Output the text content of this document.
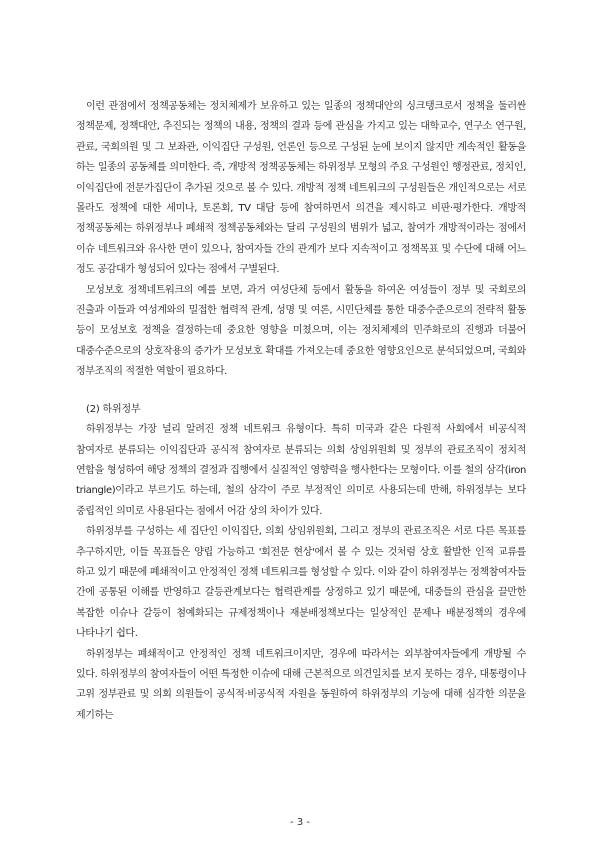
이런 관점에서 정책공동체는 정치체제가 보유하고 있는 일종의 정책대안의 싱크탱크로서 정책을 둘러싼 정책문제, 정책대안, 추진되는 정책의 내용, 정책의 결과 등에 관심을 가지고 있는 대학교수, 연구소 연구원, 관료, 국회의원 및 그 보좌관, 이익집단 구성원, 언론인 등으로 구성된 눈에 보이지 않지만 계속적인 활동을 하는 일종의 공동체를 의미한다. 즉, 개방적 정책공동체는 하위정부 모형의 주요 구성원인 행정관료, 정치인, 이익집단에 전문가집단이 추가된 것으로 볼 수 있다. 개방적 정책 네트워크의 구성원들은 개인적으로는 서로 몰라도 정책에 대한 세미나, 토론회, TV 대담 등에 참여하면서 의견을 제시하고 비판·평가한다. 개방적 정책공동체는 하위정부나 폐쇄적 정책공동체와는 달리 구성원의 범위가 넓고, 참여가 개방적이라는 점에서 이슈 네트워크와 유사한 면이 있으나, 참여자들 간의 관계가 보다 지속적이고 정책목표 및 수단에 대해 어느 정도 공감대가 형성되어 있다는 점에서 구별된다.

모성보호 정책네트워크의 예를 보면, 과거 여성단체 등에서 활동을 하여온 여성들이 정부 및 국회로의 진출과 이들과 여성계와의 밀접한 협력적 관계, 성명 및 여론, 시민단체를 통한 대중수준으로의 전략적 활동 등이 모성보호 정책을 결정하는데 중요한 영향을 미쳤으며, 이는 정치체제의 민주화로의 진행과 더불어 대중수준으로의 상호작용의 증가가 모성보호 확대를 가져오는데 중요한 영향요인으로 분석되었으며, 국회와 정부조직의 적절한 역할이 필요하다.

(2) 하위정부

하위정부는 가장 널리 알려진 정책 네트워크 유형이다. 특히 미국과 같은 다원적 사회에서 비공식적 참여자로 분류되는 이익집단과 공식적 참여자로 분류되는 의회 상임위원회 및 정부의 관료조직이 정치적 연합을 형성하여 해당 정책의 결정과 집행에서 실질적인 영향력을 행사한다는 모형이다. 이를 철의 삼각(iron triangle)이라고 부르기도 하는데, 철의 삼각이 주로 부정적인 의미로 사용되는데 반해, 하위정부는 보다 중립적인 의미로 사용된다는 점에서 어감 상의 차이가 있다.

하위정부를 구성하는 세 집단인 이익집단, 의회 상임위원회, 그리고 정부의 관료조직은 서로 다른 목표를 추구하지만, 이들 목표들은 양립 가능하고 '회전문 현상'에서 볼 수 있는 것처럼 상호 활발한 인적 교류를 하고 있기 때문에 폐쇄적이고 안정적인 정책 네트워크를 형성할 수 있다. 이와 같이 하위정부는 정책참여자들 간에 공통된 이해를 반영하고 갈등관계보다는 협력관계를 상정하고 있기 때문에, 대중들의 관심을 끌만한 복잡한 이슈나 갈등이 첨예화되는 규제정책이나 재분배정책보다는 일상적인 문제나 배분정책의 경우에 나타나기 쉽다.

하위정부는 폐쇄적이고 안정적인 정책 네트워크이지만, 경우에 따라서는 외부참여자들에게 개방될 수 있다. 하위정부의 참여자들이 어떤 특정한 이슈에 대해 근본적으로 의견일치를 보지 못하는 경우, 대통령이나 고위 정부관료 및 의회 의원들이 공식적·비공식적 자원을 동원하여 하위정부의 기능에 대해 심각한 의문을 제기하는

- 3 -
